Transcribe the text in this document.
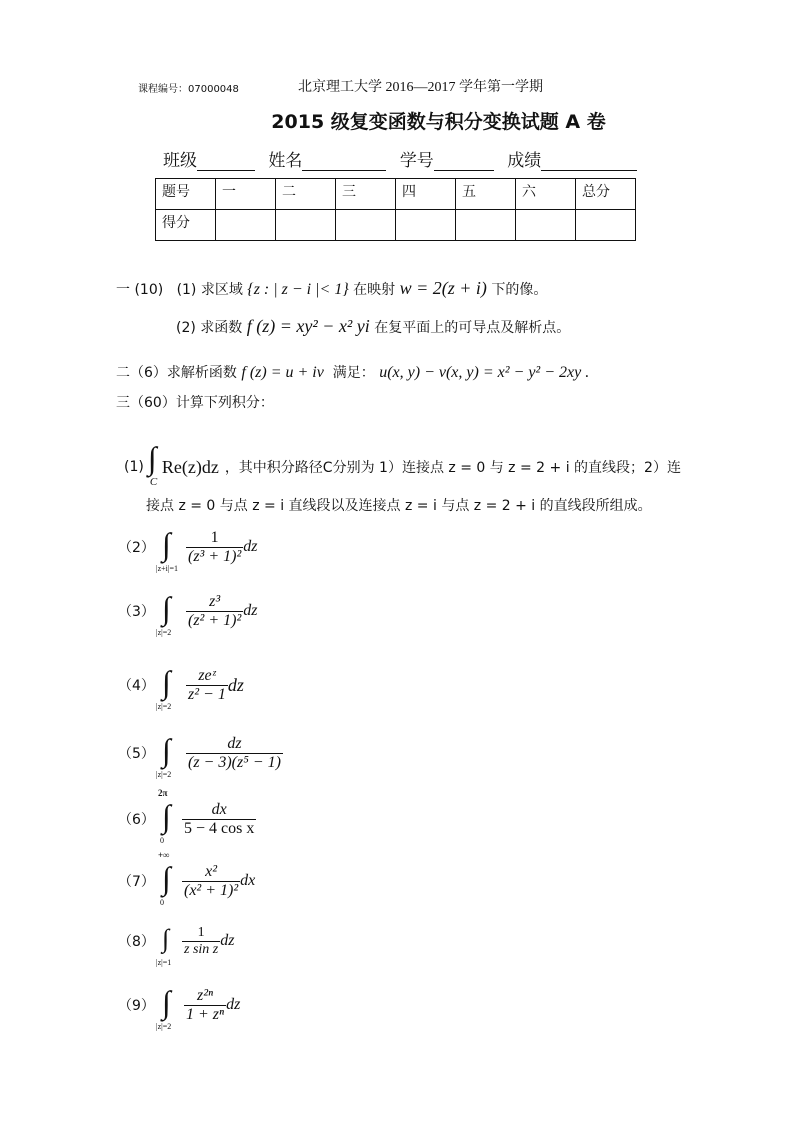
课程编号：07000048	北京理工大学 2016—2017 学年第一学期
2015 级复变函数与积分变换试题 A 卷
班级	姓名	学号	成绩
题号	一	二	三	四	五	六	总分
得分							
一 (10) (1) 求区域 {z : | z − i |< 1} 在映射 w = 2(z + i) 下的像。
(2) 求函数 f (z) = xy² − x² yi 在复平面上的可导点及解析点。
二（6）求解析函数 f (z) = u + iv 满足： u(x, y) − v(x, y) = x² − y² − 2xy .
三（60）计算下列积分：
(1) ∫
C
Re(z)dz ，其中积分路径C分别为 1）连接点 z = 0 与 z = 2 + i 的直线段；2）连
接点 z = 0 与点 z = i 直线段以及连接点 z = i 与点 z = 2 + i 的直线段所组成。
（2） ∫
|z+i|=1
$\frac{1}{\text{(z³ + 1)²}}$ dz
（3） ∫
|z|=2
$\frac{\text{z³}}{\text{(z² + 1)²}}$ dz
（4） ∫
|z|=2
$\frac{\text{zeᶻ}}{\text{z² − 1}}$ dz
（5） ∫
|z|=2
$\frac{dz}{\text{(z − 3)(z⁵ − 1)}}$
（6）
2π
∫
0
$\frac{dx}{\text{5 − 4 cos x}}$
（7）
+∞
∫
0
$\frac{\text{x²}}{\text{(x² + 1)²}}$ dx
（8） ∫
|z|=1
$\frac{1}{\text{z sin z}}$ dz
（9） ∫
|z|=2
$\frac{\text{z²ⁿ}}{\text{1 + zⁿ}}$ dz
